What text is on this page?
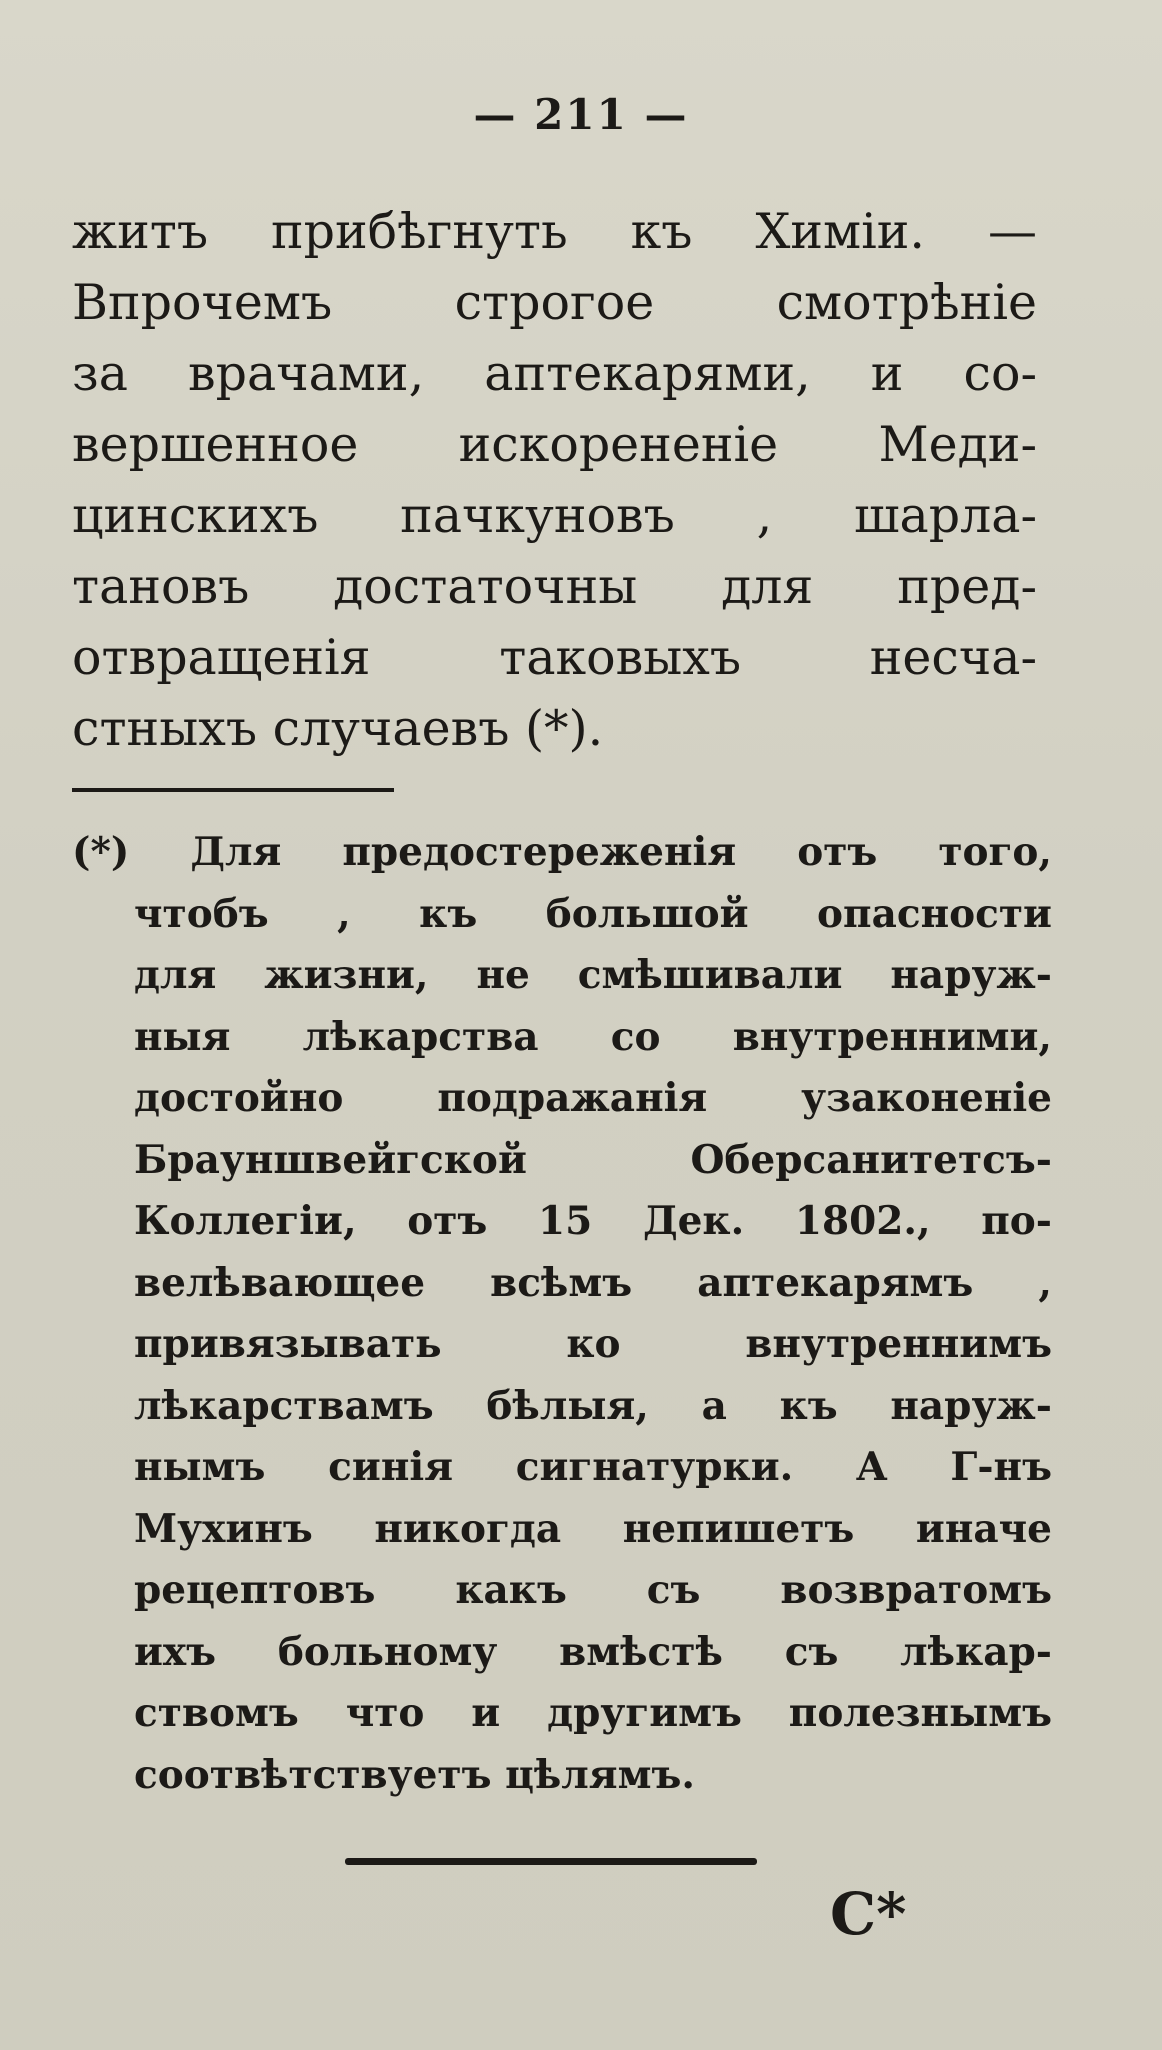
— 211 —
житъ прибѣгнуть къ Химіи. —
Впрочемъ строгое смотрѣніе
за врачами, аптекарями, и со-
вершенное искорененіе Меди-
цинскихъ пачкуновъ , шарла-
тановъ достаточны для пред-
отвращенія таковыхъ несча-
стныхъ случаевъ (*).
(*) Для предостереженія отъ того,
чтобъ , къ большой опасности
для жизни, не смѣшивали наруж-
ныя лѣкарства со внутренними,
достойно подражанія узаконеніе
Брауншвейгской Оберсанитетсъ-
Коллегіи, отъ 15 Дек. 1802., по-
велѣвающее всѣмъ аптекарямъ ,
привязывать ко внутреннимъ
лѣкарствамъ бѣлыя, а къ наруж-
нымъ синія сигнатурки. А Г-нъ
Мухинъ никогда непишетъ иначе
рецептовъ какъ съ возвратомъ
ихъ больному вмѣстѣ съ лѣкар-
ствомъ что и другимъ полезнымъ
соотвѣтствуетъ цѣлямъ.
С*
